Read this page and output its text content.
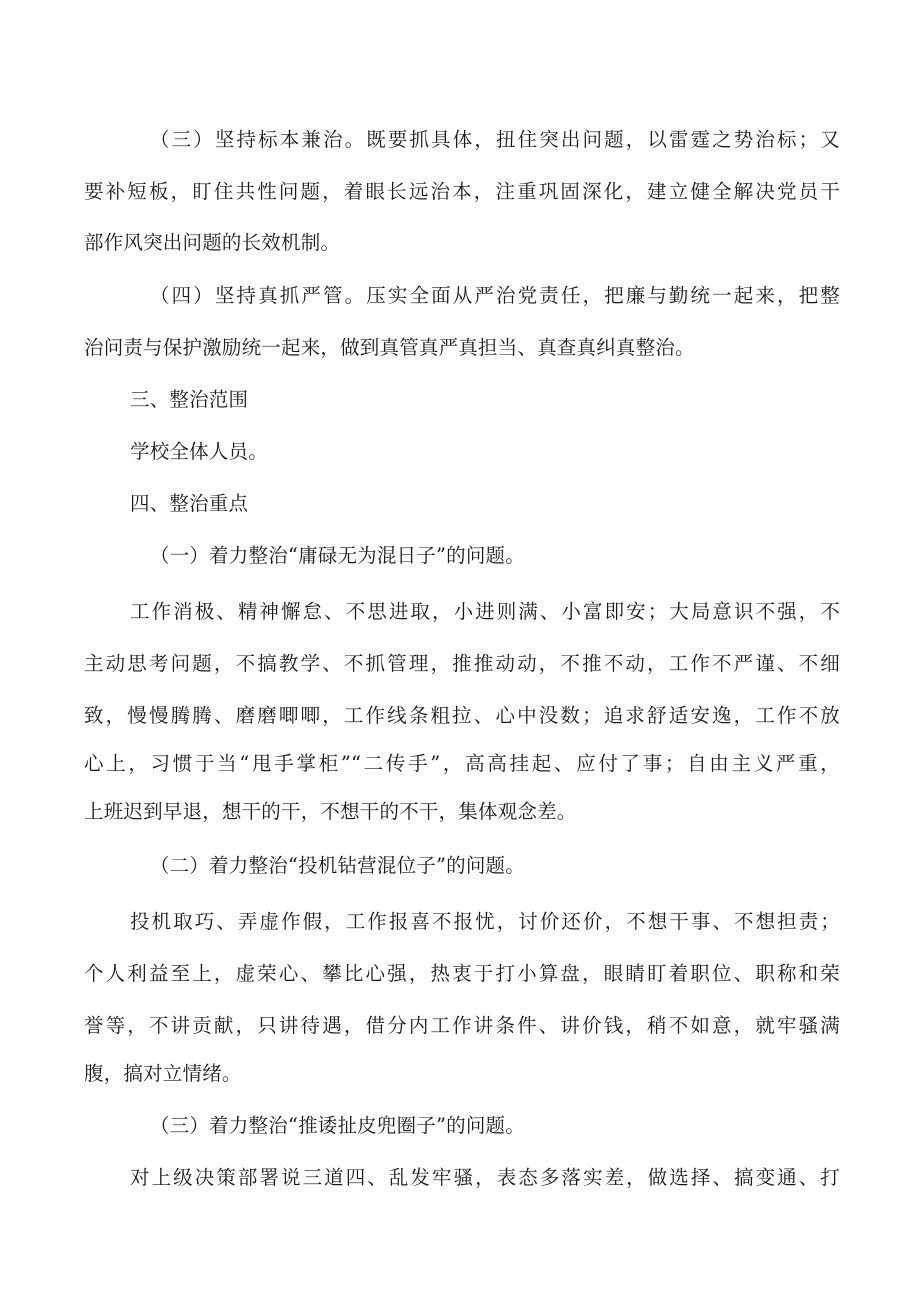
（三）坚持标本兼治。既要抓具体，扭住突出问题，以雷霆之势治标；又
要补短板，盯住共性问题，着眼长远治本，注重巩固深化，建立健全解决党员干
部作风突出问题的长效机制。
（四）坚持真抓严管。压实全面从严治党责任，把廉与勤统一起来，把整
治问责与保护激励统一起来，做到真管真严真担当、真查真纠真整治。
三、整治范围
学校全体人员。
四、整治重点
（一）着力整治“庸碌无为混日子”的问题。
工作消极、精神懈怠、不思进取，小进则满、小富即安；大局意识不强，不
主动思考问题，不搞教学、不抓管理，推推动动，不推不动，工作不严谨、不细
致，慢慢腾腾、磨磨唧唧，工作线条粗拉、心中没数；追求舒适安逸，工作不放
心上，习惯于当“甩手掌柜”“二传手”，高高挂起、应付了事；自由主义严重，
上班迟到早退，想干的干，不想干的不干，集体观念差。
（二）着力整治“投机钻营混位子”的问题。
投机取巧、弄虚作假，工作报喜不报忧，讨价还价，不想干事、不想担责；
个人利益至上，虚荣心、攀比心强，热衷于打小算盘，眼睛盯着职位、职称和荣
誉等，不讲贡献，只讲待遇，借分内工作讲条件、讲价钱，稍不如意，就牢骚满
腹，搞对立情绪。
（三）着力整治“推诿扯皮兜圈子”的问题。
对上级决策部署说三道四、乱发牢骚，表态多落实差，做选择、搞变通、打
